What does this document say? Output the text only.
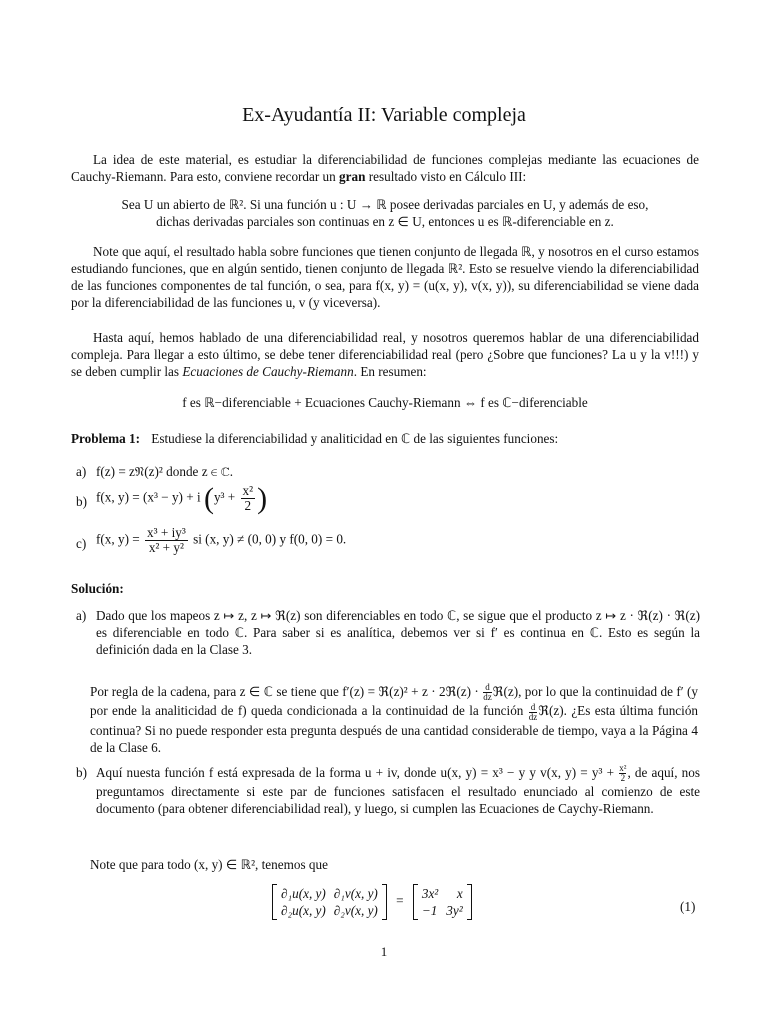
Ex-Ayudantía II: Variable compleja
La idea de este material, es estudiar la diferenciabilidad de funciones complejas mediante las ecuaciones de Cauchy-Riemann. Para esto, conviene recordar un gran resultado visto en Cálculo III:
Sea U un abierto de ℝ². Si una función u : U → ℝ posee derivadas parciales en U, y además de eso,
dichas derivadas parciales son continuas en z ∈ U, entonces u es ℝ-diferenciable en z.
Note que aquí, el resultado habla sobre funciones que tienen conjunto de llegada ℝ, y nosotros en el curso estamos estudiando funciones, que en algún sentido, tienen conjunto de llegada ℝ². Esto se resuelve viendo la diferenciabilidad de las funciones componentes de tal función, o sea, para f(x, y) = (u(x, y), v(x, y)), su diferenciabilidad se viene dada por la diferenciabilidad de las funciones u, v (y viceversa).
Hasta aquí, hemos hablado de una diferenciabilidad real, y nosotros queremos hablar de una diferenciabilidad compleja. Para llegar a esto último, se debe tener diferenciabilidad real (pero ¿Sobre que funciones? La u y la v!!!) y se deben cumplir las Ecuaciones de Cauchy-Riemann. En resumen:
f es ℝ−diferenciable + Ecuaciones Cauchy-Riemann ⇔ f es ℂ−diferenciable
Problema 1: Estudiese la diferenciabilidad y analiticidad en ℂ de las siguientes funciones:
a) f(z) = z𝔑(z)² donde z ∈ ℂ.
b) f(x, y) = (x³ − y) + i ($y^3 + \frac{\text{x²}}{2}$ )
c) f(x, $y) = \frac{\text{x³ + iy³}}{\text{x² + y²}}$ si (x, y) ≠ (0, 0) y f(0, 0) = 0.
Solución:
a) Dado que los mapeos z ↦ z, z ↦ ℜ(z) son diferenciables en todo ℂ, se sigue que el producto z ↦ z · ℜ(z) · ℜ(z) es diferenciable en todo ℂ. Para saber si es analítica, debemos ver si f′ es continua en ℂ. Esto es según la definición dada en la Clase 3.
Por regla de la cadena, para z ∈ ℂ se tiene que f′(z) = ℜ(z)² + z · 2ℜ(z) · $\frac{d}{dz}$ ℜ(z), por lo que la continuidad de f′ (y por ende la analiticidad de f) queda condicionada a la continuidad de la función $\frac{d}{dz}$ ℜ(z). ¿Es esta última función continua? Si no puede responder esta pregunta después de una cantidad considerable de tiempo, vaya a la Página 4 de la Clase 6.
b) Aquí nuesta función f está expresada de la forma u + iv, donde u(x, y) = x³ − y y v(x, $y) = y^3 + \frac{\text{x²}}{2}$ , de aquí, nos preguntamos directamente si este par de funciones satisfacen el resultado enunciado al comienzo de este documento (para obtener diferenciabilidad real), y luego, si cumplen las Ecuaciones de Caychy-Riemann.
Note que para todo (x, y) ∈ ℝ², tenemos que
∂₁u(x, y)	∂₁v(x, y)
∂₂u(x, y)	∂₂v(x, y)
= 3x²	x
−1	3y²	(1)
1
